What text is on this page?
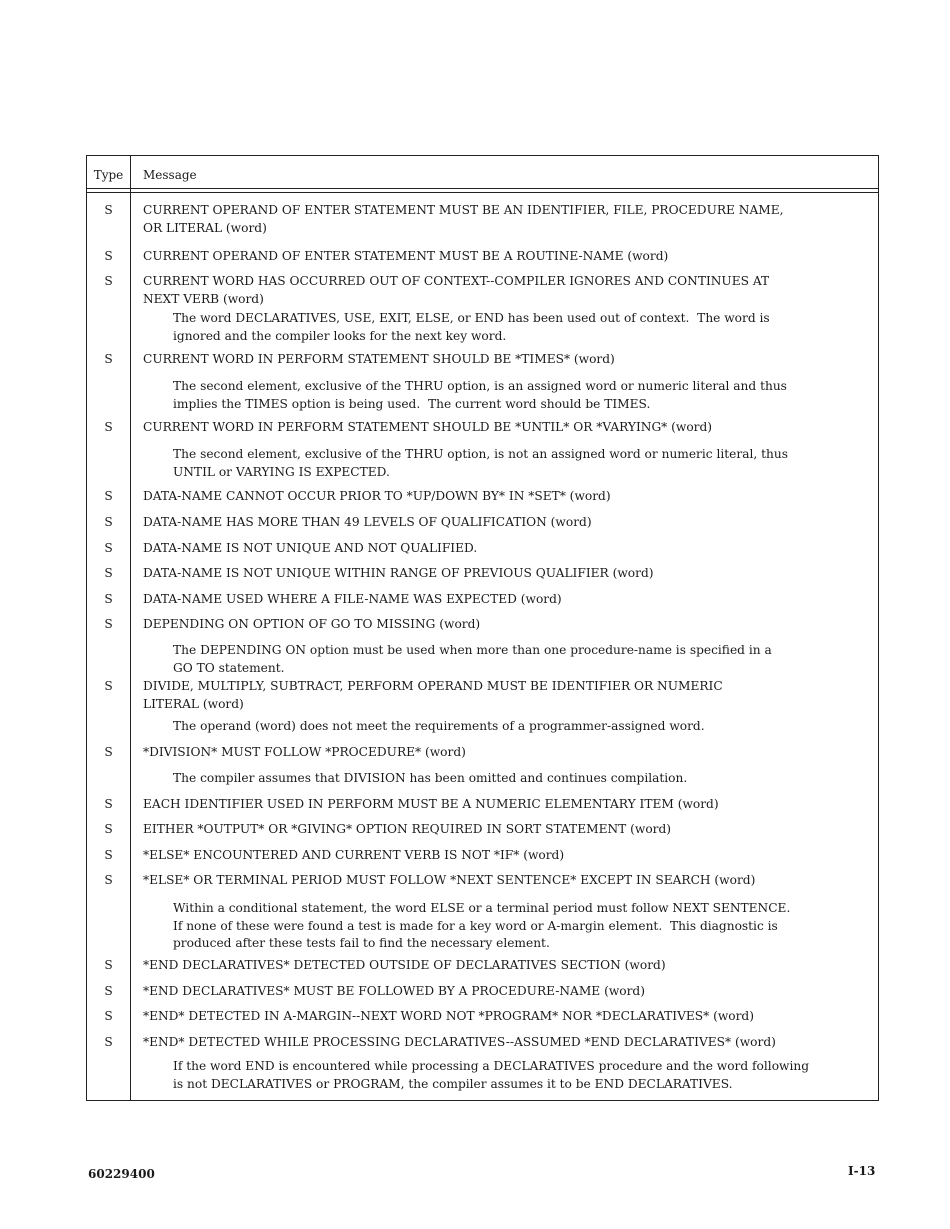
Type	Message
S	CURRENT OPERAND OF ENTER STATEMENT MUST BE AN IDENTIFIER, FILE, PROCEDURE NAME,
OR LITERAL (word)
S	CURRENT OPERAND OF ENTER STATEMENT MUST BE A ROUTINE-NAME (word)
S	CURRENT WORD HAS OCCURRED OUT OF CONTEXT--COMPILER IGNORES AND CONTINUES AT
NEXT VERB (word)
The word DECLARATIVES, USE, EXIT, ELSE, or END has been used out of context.  The word is
ignored and the compiler looks for the next key word.
S	CURRENT WORD IN PERFORM STATEMENT SHOULD BE *TIMES* (word)
The second element, exclusive of the THRU option, is an assigned word or numeric literal and thus
implies the TIMES option is being used.  The current word should be TIMES.
S	CURRENT WORD IN PERFORM STATEMENT SHOULD BE *UNTIL* OR *VARYING* (word)
The second element, exclusive of the THRU option, is not an assigned word or numeric literal, thus
UNTIL or VARYING IS EXPECTED.
S	DATA-NAME CANNOT OCCUR PRIOR TO *UP/DOWN BY* IN *SET* (word)
S	DATA-NAME HAS MORE THAN 49 LEVELS OF QUALIFICATION (word)
S	DATA-NAME IS NOT UNIQUE AND NOT QUALIFIED.
S	DATA-NAME IS NOT UNIQUE WITHIN RANGE OF PREVIOUS QUALIFIER (word)
S	DATA-NAME USED WHERE A FILE-NAME WAS EXPECTED (word)
S	DEPENDING ON OPTION OF GO TO MISSING (word)
The DEPENDING ON option must be used when more than one procedure-name is specified in a
GO TO statement.
S	DIVIDE, MULTIPLY, SUBTRACT, PERFORM OPERAND MUST BE IDENTIFIER OR NUMERIC
LITERAL (word)
The operand (word) does not meet the requirements of a programmer-assigned word.
S	*DIVISION* MUST FOLLOW *PROCEDURE* (word)
The compiler assumes that DIVISION has been omitted and continues compilation.
S	EACH IDENTIFIER USED IN PERFORM MUST BE A NUMERIC ELEMENTARY ITEM (word)
S	EITHER *OUTPUT* OR *GIVING* OPTION REQUIRED IN SORT STATEMENT (word)
S	*ELSE* ENCOUNTERED AND CURRENT VERB IS NOT *IF* (word)
S	*ELSE* OR TERMINAL PERIOD MUST FOLLOW *NEXT SENTENCE* EXCEPT IN SEARCH (word)
Within a conditional statement, the word ELSE or a terminal period must follow NEXT SENTENCE.
If none of these were found a test is made for a key word or A-margin element.  This diagnostic is
produced after these tests fail to find the necessary element.
S	*END DECLARATIVES* DETECTED OUTSIDE OF DECLARATIVES SECTION (word)
S	*END DECLARATIVES* MUST BE FOLLOWED BY A PROCEDURE-NAME (word)
S	*END* DETECTED IN A-MARGIN--NEXT WORD NOT *PROGRAM* NOR *DECLARATIVES* (word)
S	*END* DETECTED WHILE PROCESSING DECLARATIVES--ASSUMED *END DECLARATIVES* (word)
If the word END is encountered while processing a DECLARATIVES procedure and the word following
is not DECLARATIVES or PROGRAM, the compiler assumes it to be END DECLARATIVES.
60229400	I-13
